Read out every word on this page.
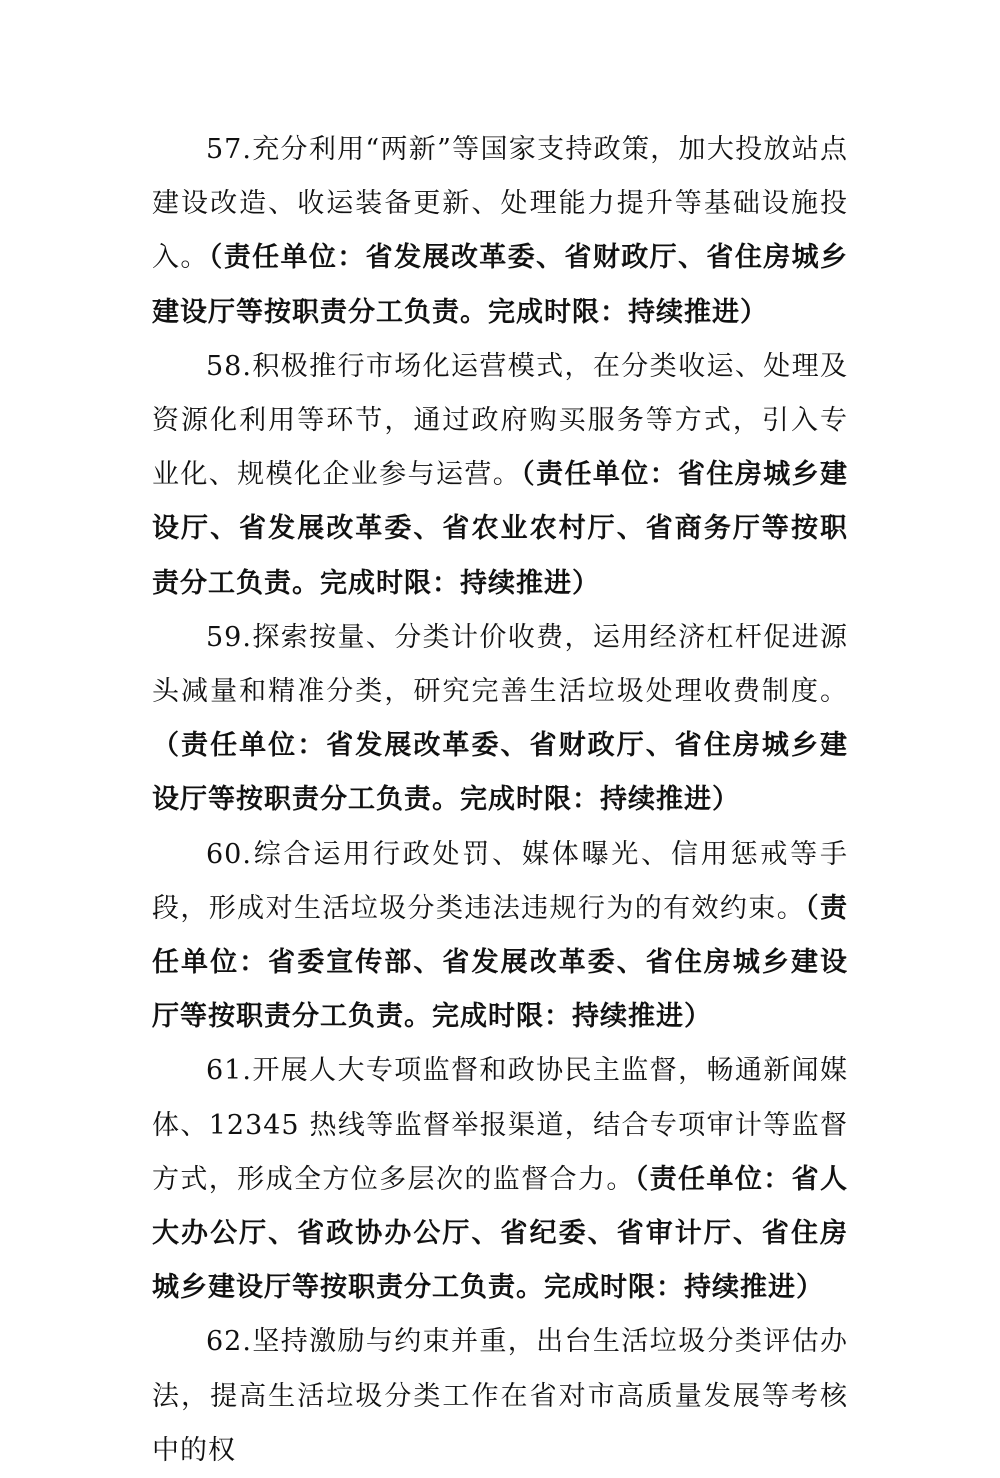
57.充分利用“两新”等国家支持政策，加大投放站点建设改造、收运装备更新、处理能力提升等基础设施投入。（责任单位：省发展改革委、省财政厅、省住房城乡建设厅等按职责分工负责。完成时限：持续推进）

58.积极推行市场化运营模式，在分类收运、处理及资源化利用等环节，通过政府购买服务等方式，引入专业化、规模化企业参与运营。（责任单位：省住房城乡建设厅、省发展改革委、省农业农村厅、省商务厅等按职责分工负责。完成时限：持续推进）

59.探索按量、分类计价收费，运用经济杠杆促进源头减量和精准分类，研究完善生活垃圾处理收费制度。（责任单位：省发展改革委、省财政厅、省住房城乡建设厅等按职责分工负责。完成时限：持续推进）

60.综合运用行政处罚、媒体曝光、信用惩戒等手段，形成对生活垃圾分类违法违规行为的有效约束。（责任单位：省委宣传部、省发展改革委、省住房城乡建设厅等按职责分工负责。完成时限：持续推进）

61.开展人大专项监督和政协民主监督，畅通新闻媒体、12345 热线等监督举报渠道，结合专项审计等监督方式，形成全方位多层次的监督合力。（责任单位：省人大办公厅、省政协办公厅、省纪委、省审计厅、省住房城乡建设厅等按职责分工负责。完成时限：持续推进）

62.坚持激励与约束并重，出台生活垃圾分类评估办法，提高生活垃圾分类工作在省对市高质量发展等考核中的权
